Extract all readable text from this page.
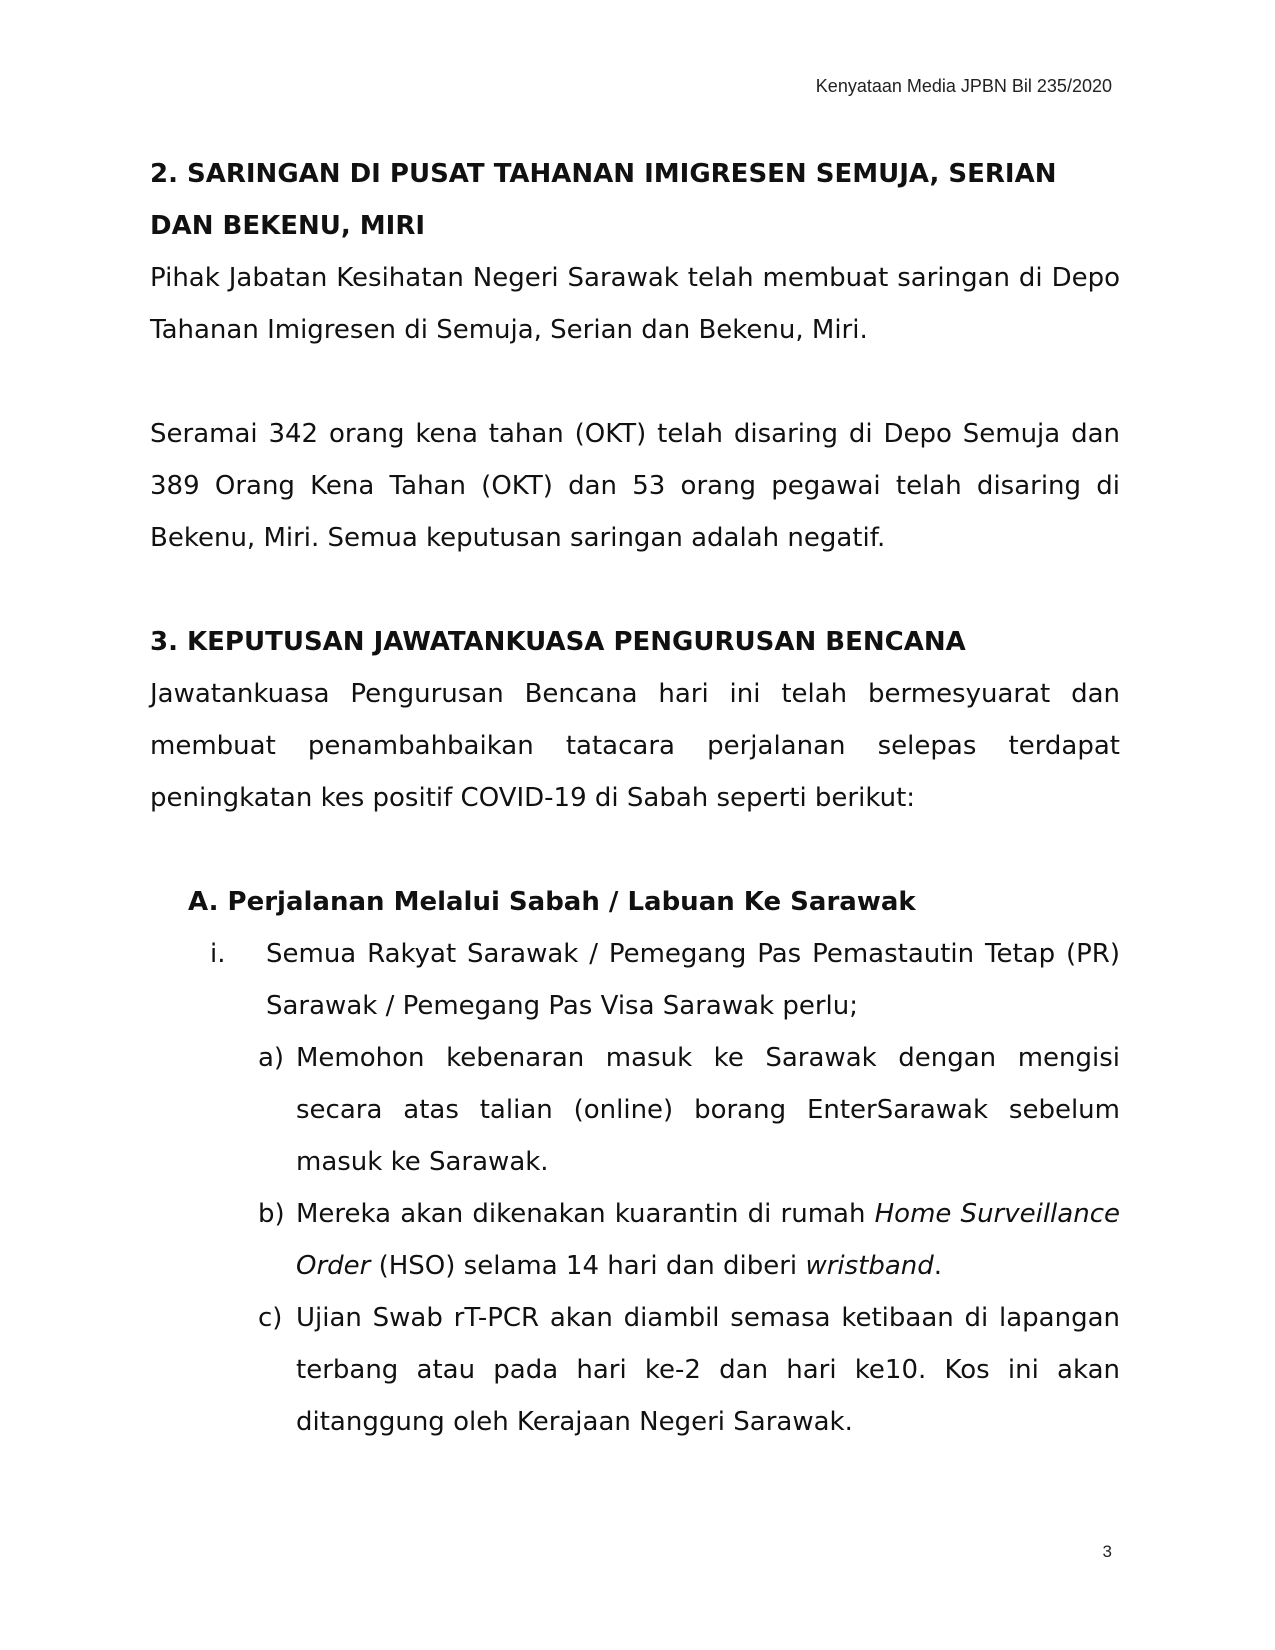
Kenyataan Media JPBN Bil 235/2020

2. SARINGAN DI PUSAT TAHANAN IMIGRESEN SEMUJA, SERIAN DAN BEKENU, MIRI

Pihak Jabatan Kesihatan Negeri Sarawak telah membuat saringan di Depo Tahanan Imigresen di Semuja, Serian dan Bekenu, Miri.

Seramai 342 orang kena tahan (OKT) telah disaring di Depo Semuja dan 389 Orang Kena Tahan (OKT) dan 53 orang pegawai telah disaring di Bekenu, Miri. Semua keputusan saringan adalah negatif.

3. KEPUTUSAN JAWATANKUASA PENGURUSAN BENCANA

Jawatankuasa Pengurusan Bencana hari ini telah bermesyuarat dan membuat penambahbaikan tatacara perjalanan selepas terdapat peningkatan kes positif COVID-19 di Sabah seperti berikut:

A. Perjalanan Melalui Sabah / Labuan Ke Sarawak

i.	Semua Rakyat Sarawak / Pemegang Pas Pemastautin Tetap (PR) Sarawak / Pemegang Pas Visa Sarawak perlu;
a) Memohon kebenaran masuk ke Sarawak dengan mengisi secara atas talian (online) borang EnterSarawak sebelum masuk ke Sarawak.
b) Mereka akan dikenakan kuarantin di rumah Home Surveillance Order (HSO) selama 14 hari dan diberi wristband.
c) Ujian Swab rT-PCR akan diambil semasa ketibaan di lapangan terbang atau pada hari ke-2 dan hari ke10. Kos ini akan ditanggung oleh Kerajaan Negeri Sarawak.
3
